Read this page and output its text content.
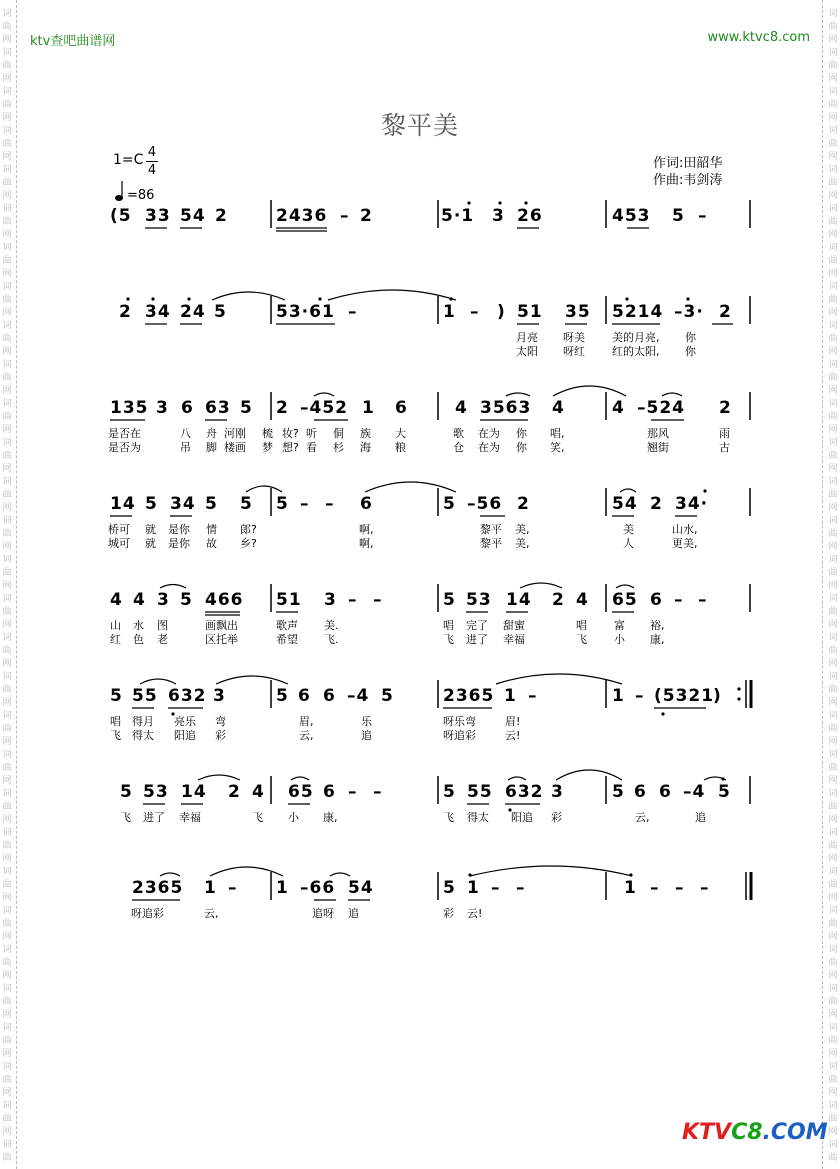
词
曲
网
词
曲
网
词
曲
网
词
曲
网
词
曲
网
词
曲
网
词
曲
网
词
曲
网
词
曲
网
词
曲
网
词
曲
网
词
曲
网
词
曲
网
词
曲
网
词
曲
网
词
曲
网
词
曲
网
词
曲
网
词
曲
网
词
曲
网
词
曲
网
词
曲
网
词
曲
网
词
曲
网
词
曲
网
词
曲
网
词
曲
网
词
曲
网
词
曲
网
词
曲
词
曲
网
词
曲
网
词
曲
网
词
曲
网
词
曲
网
词
曲
网
词
曲
网
词
曲
网
词
曲
网
词
曲
网
词
曲
网
词
曲
网
词
曲
网
词
曲
网
词
曲
网
词
曲
网
词
曲
网
词
曲
网
词
曲
网
词
曲
网
词
曲
网
词
曲
网
词
曲
网
词
曲
网
词
曲
网
词
曲
网
词
曲
网
词
曲
网
词
曲
网
词
曲
ktv查吧曲谱网	www.ktvc8.com
黎平美
1=C 4
4
=86
作词:田韶华
作曲:韦剑涛
(5 33 54 2	2436 – 2	5·1 3 26	453 5 –
2 34 24 5	53·61 –	1 – ) 51 35 5214 –3· 2
月亮 呀美 美的月亮, 你
太阳 呀红 红的太阳, 你
135 3 6 63 5 2 –452 1 6	4 3563 4	4 –524 2
是否在	八 舟 河刚 梳 妆? 听 侗 族 大	歌 在为 你 唱,	那风	雨
是否为	吊 脚 楼画 梦 想? 看 杉 海 粮	仓 在为 你 笑,	翘街	古
14 5 34 5 5 5 – – 6	5 –56 2	54 2 34·
桥可 就 是你 情 郎?	啊,	黎平 美,	美	山水,
城可 就 是你 故 乡?	啊,	黎平 美,	人	更美,
4 4 3 5 466 51 3 – –	5 53 14 2 4 65 6 – –
山 水 图	画飘出	歌声 美.	唱 完了 甜蜜	唱 富 裕,
红 色 老	区托举	希望 飞.	飞 进了 幸福	飞 小 康,
5 55 632 3	5 6 6 –4 5	2365 1 –	1 – (5321
)
唱 得月 亮乐 弯	眉,	乐	呀乐弯	眉!
飞 得太 阳追 彩	云,	追	呀追彩	云!
5 53 14 2 4 65 6 – –	5 55 632 3	5 6 6 –4 5
飞 进了 幸福	飞 小 康,	飞 得太 阳追 彩	云,	追
2365 1 – 1 –66 54	5 1 – –	1 – – –
呀追彩	云,	追呀 追	彩 云!
KTVC8.COM
